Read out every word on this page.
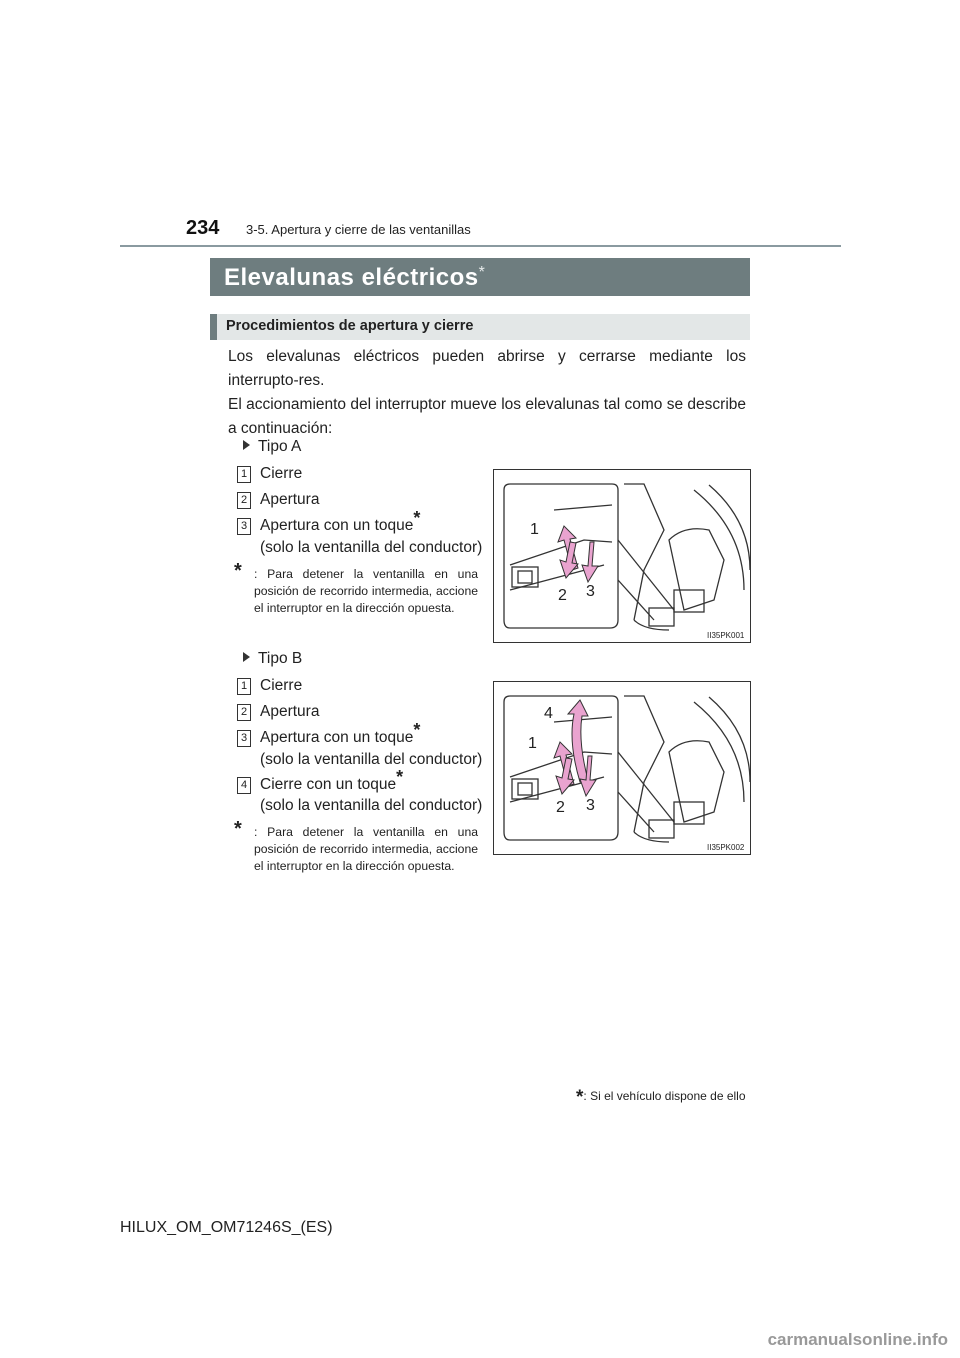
234 3-5. Apertura y cierre de las ventanillas
Elevalunas eléctricos*
Procedimientos de apertura y cierre
Los elevalunas eléctricos pueden abrirse y cerrarse mediante los interrupto-res.
El accionamiento del interruptor mueve los elevalunas tal como se describe a continuación:
Tipo A
1 Cierre
2 Apertura
3 Apertura con un toque*
(solo la ventanilla del conductor)
*	: Para detener la ventanilla en una posición de recorrido intermedia, accione el interruptor en la dirección opuesta.
1
2 3
II35PK001
Tipo B
1 Cierre
2 Apertura
3 Apertura con un toque*
(solo la ventanilla del conductor)
4 Cierre con un toque*
(solo la ventanilla del conductor)
*	: Para detener la ventanilla en una posición de recorrido intermedia, accione el interruptor en la dirección opuesta.
4
1
2 3
II35PK002
*: Si el vehículo dispone de ello
HILUX_OM_OM71246S_(ES)
carmanualsonline.info
